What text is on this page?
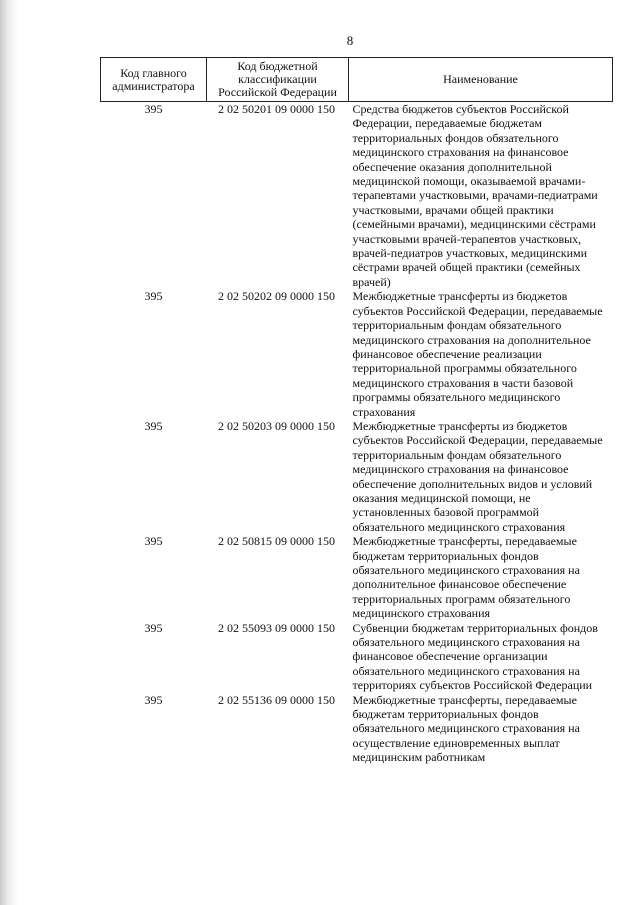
8
Код главного администратора	Код бюджетной классификации Российской Федерации	Наименование
395	2 02 50201 09 0000 150	Средства бюджетов субъектов Российской Федерации, передаваемые бюджетам территориальных фондов обязательного медицинского страхования на финансовое обеспечение оказания дополнительной медицинской помощи, оказываемой врачами-терапевтами участковыми, врачами-педиатрами участковыми, врачами общей практики (семейными врачами), медицинскими сёстрами участковыми врачей-терапевтов участковых, врачей-педиатров участковых, медицинскими сёстрами врачей общей практики (семейных врачей)
395	2 02 50202 09 0000 150	Межбюджетные трансферты из бюджетов субъектов Российской Федерации, передаваемые территориальным фондам обязательного медицинского страхования на дополнительное финансовое обеспечение реализации территориальной программы обязательного медицинского страхования в части базовой программы обязательного медицинского страхования
395	2 02 50203 09 0000 150	Межбюджетные трансферты из бюджетов субъектов Российской Федерации, передаваемые территориальным фондам обязательного медицинского страхования на финансовое обеспечение дополнительных видов и условий оказания медицинской помощи, не установленных базовой программой обязательного медицинского страхования
395	2 02 50815 09 0000 150	Межбюджетные трансферты, передаваемые бюджетам территориальных фондов обязательного медицинского страхования на дополнительное финансовое обеспечение территориальных программ обязательного медицинского страхования
395	2 02 55093 09 0000 150	Субвенции бюджетам территориальных фондов обязательного медицинского страхования на финансовое обеспечение организации обязательного медицинского страхования на территориях субъектов Российской Федерации
395	2 02 55136 09 0000 150	Межбюджетные трансферты, передаваемые бюджетам территориальных фондов обязательного медицинского страхования на осуществление единовременных выплат медицинским работникам
